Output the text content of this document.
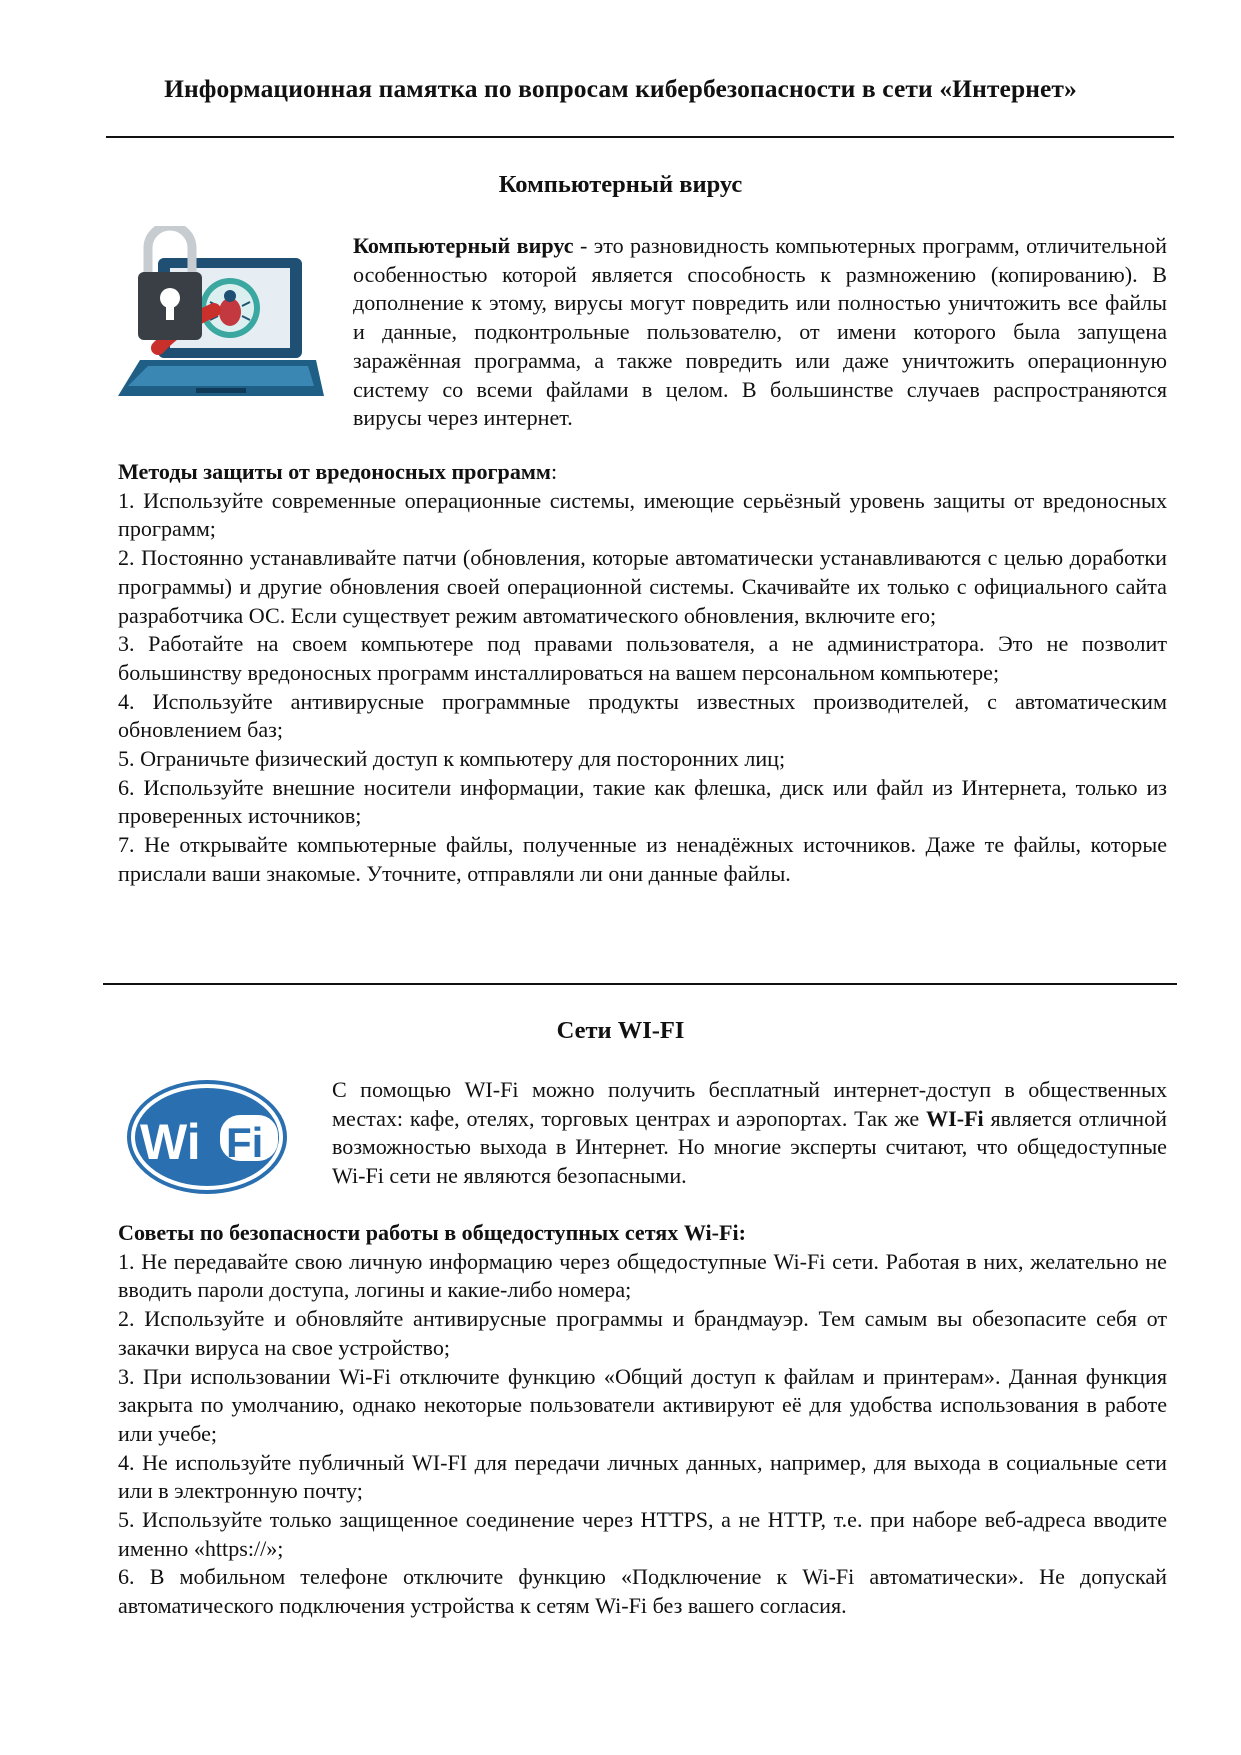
Информационная памятка по вопросам кибербезопасности в сети «Интернет»
Компьютерный вирус
Компьютерный вирус - это разновидность компьютерных программ, отличительной особенностью которой является способность к размножению (копированию). В дополнение к этому, вирусы могут повредить или полностью уничтожить все файлы и данные, подконтрольные пользователю, от имени которого была запущена заражённая программа, а также повредить или даже уничтожить операционную систему со всеми файлами в целом. В большинстве случаев распространяются вирусы через интернет.
Методы защиты от вредоносных программ:
1. Используйте современные операционные системы, имеющие серьёзный уровень защиты от вредоносных программ;
2. Постоянно устанавливайте патчи (обновления, которые автоматически устанавливаются с целью доработки программы) и другие обновления своей операционной системы. Скачивайте их только с официального сайта разработчика ОС. Если существует режим автоматического обновления, включите его;
3. Работайте на своем компьютере под правами пользователя, а не администратора. Это не позволит большинству вредоносных программ инсталлироваться на вашем персональном компьютере;
4. Используйте антивирусные программные продукты известных производителей, с автоматическим обновлением баз;
5. Ограничьте физический доступ к компьютеру для посторонних лиц;
6. Используйте внешние носители информации, такие как флешка, диск или файл из Интернета, только из проверенных источников;
7. Не открывайте компьютерные файлы, полученные из ненадёжных источников. Даже те файлы, которые прислали ваши знакомые. Уточните, отправляли ли они данные файлы.
Сети WI-FI
Wi Fi
С помощью WI-Fi можно получить бесплатный интернет-доступ в общественных местах: кафе, отелях, торговых центрах и аэропортах. Так же WI-Fi является отличной возможностью выхода в Интернет. Но многие эксперты считают, что общедоступные Wi-Fi сети не являются безопасными.
Советы по безопасности работы в общедоступных сетях Wi-Fi:
1. Не передавайте свою личную информацию через общедоступные Wi-Fi сети. Работая в них, желательно не вводить пароли доступа, логины и какие-либо номера;
2. Используйте и обновляйте антивирусные программы и брандмауэр. Тем самым вы обезопасите себя от закачки вируса на свое устройство;
3. При использовании Wi-Fi отключите функцию «Общий доступ к файлам и принтерам». Данная функция закрыта по умолчанию, однако некоторые пользователи активируют её для удобства использования в работе или учебе;
4. Не используйте публичный WI-FI для передачи личных данных, например, для выхода в социальные сети или в электронную почту;
5. Используйте только защищенное соединение через HTTPS, а не HTTP, т.е. при наборе веб-адреса вводите именно «https://»;
6. В мобильном телефоне отключите функцию «Подключение к Wi-Fi автоматически». Не допускай автоматического подключения устройства к сетям Wi-Fi без вашего согласия.
